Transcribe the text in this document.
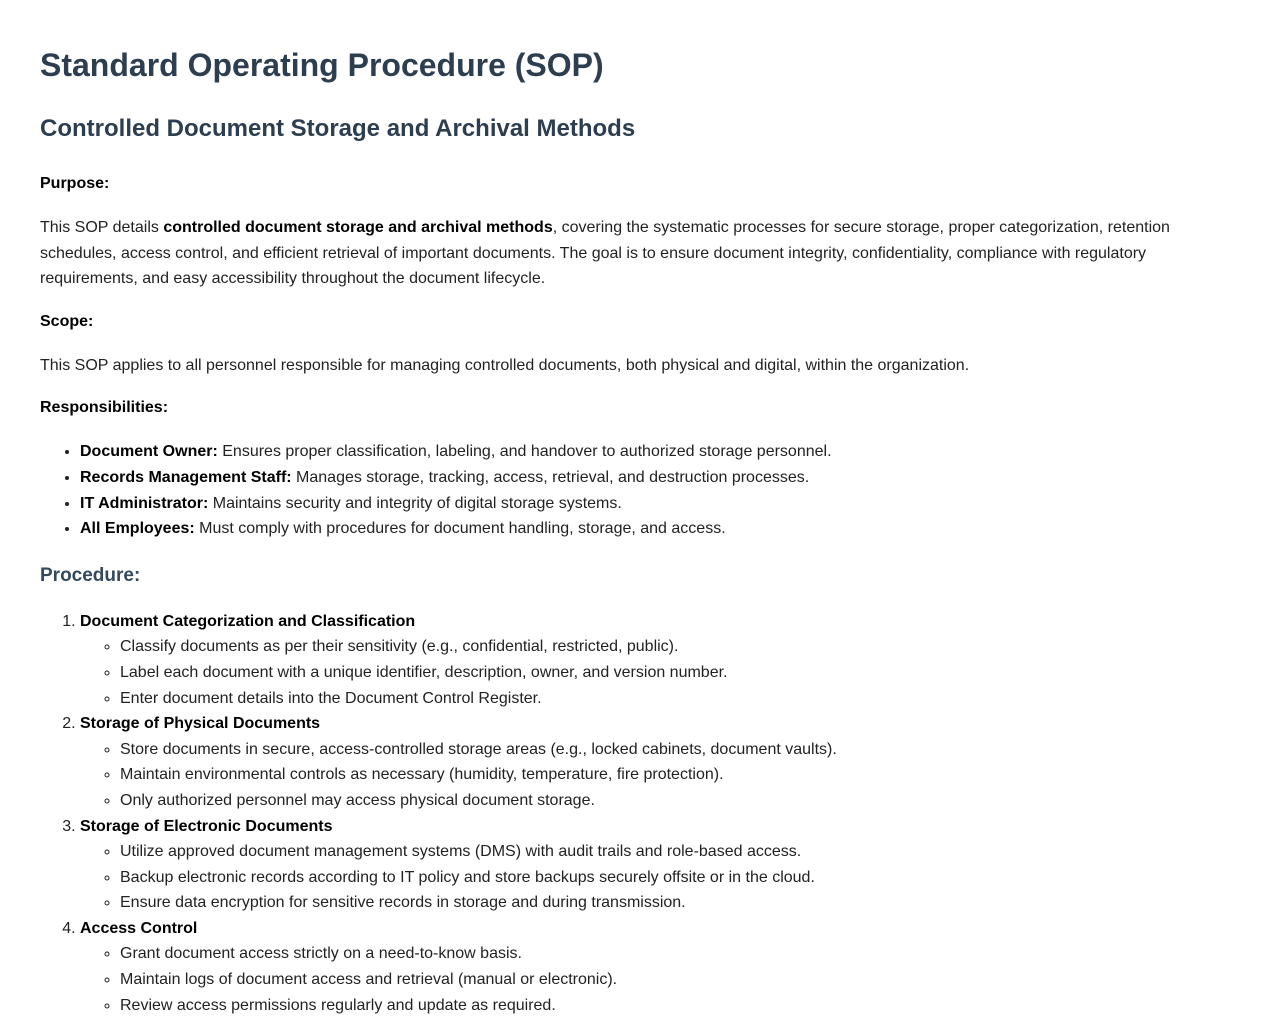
Standard Operating Procedure (SOP)
Controlled Document Storage and Archival Methods
Purpose:

This SOP details controlled document storage and archival methods, covering the systematic processes for secure storage, proper categorization, retention schedules, access control, and efficient retrieval of important documents. The goal is to ensure document integrity, confidentiality, compliance with regulatory requirements, and easy accessibility throughout the document lifecycle.

Scope:

This SOP applies to all personnel responsible for managing controlled documents, both physical and digital, within the organization.

Responsibilities:
• Document Owner: Ensures proper classification, labeling, and handover to authorized storage personnel.
• Records Management Staff: Manages storage, tracking, access, retrieval, and destruction processes.
• IT Administrator: Maintains security and integrity of digital storage systems.
• All Employees: Must comply with procedures for document handling, storage, and access.
Procedure:
1. Document Categorization and Classification
◦ Classify documents as per their sensitivity (e.g., confidential, restricted, public).
◦ Label each document with a unique identifier, description, owner, and version number.
◦ Enter document details into the Document Control Register.
2. Storage of Physical Documents
◦ Store documents in secure, access-controlled storage areas (e.g., locked cabinets, document vaults).
◦ Maintain environmental controls as necessary (humidity, temperature, fire protection).
◦ Only authorized personnel may access physical document storage.
3. Storage of Electronic Documents
◦ Utilize approved document management systems (DMS) with audit trails and role-based access.
◦ Backup electronic records according to IT policy and store backups securely offsite or in the cloud.
◦ Ensure data encryption for sensitive records in storage and during transmission.
4. Access Control
◦ Grant document access strictly on a need-to-know basis.
◦ Maintain logs of document access and retrieval (manual or electronic).
◦ Review access permissions regularly and update as required.
